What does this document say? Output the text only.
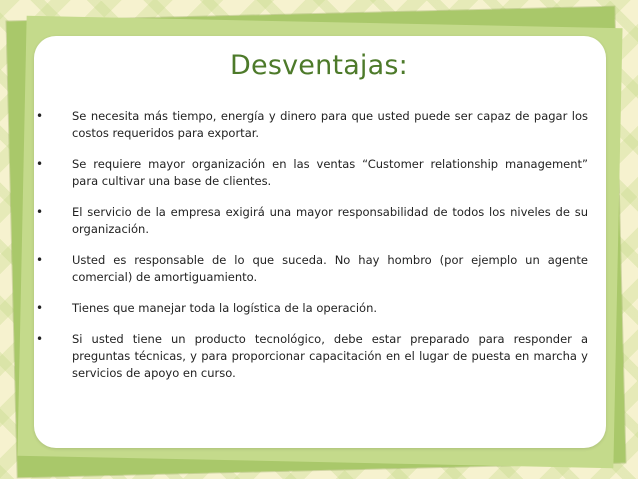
Desventajas:
•	Se necesita más tiempo, energía y dinero para que usted puede ser capaz de pagar los costos requeridos para exportar.
•	Se requiere mayor organización en las ventas “Customer relationship management” para cultivar una base de clientes.
•	El servicio de la empresa exigirá una mayor responsabilidad de todos los niveles de su organización.
•	Usted es responsable de lo que suceda. No hay hombro (por ejemplo un agente comercial) de amortiguamiento.
•	Tienes que manejar toda la logística de la operación.
•	Si usted tiene un producto tecnológico, debe estar preparado para responder a preguntas técnicas, y para proporcionar capacitación en el lugar de puesta en marcha y servicios de apoyo en curso.
